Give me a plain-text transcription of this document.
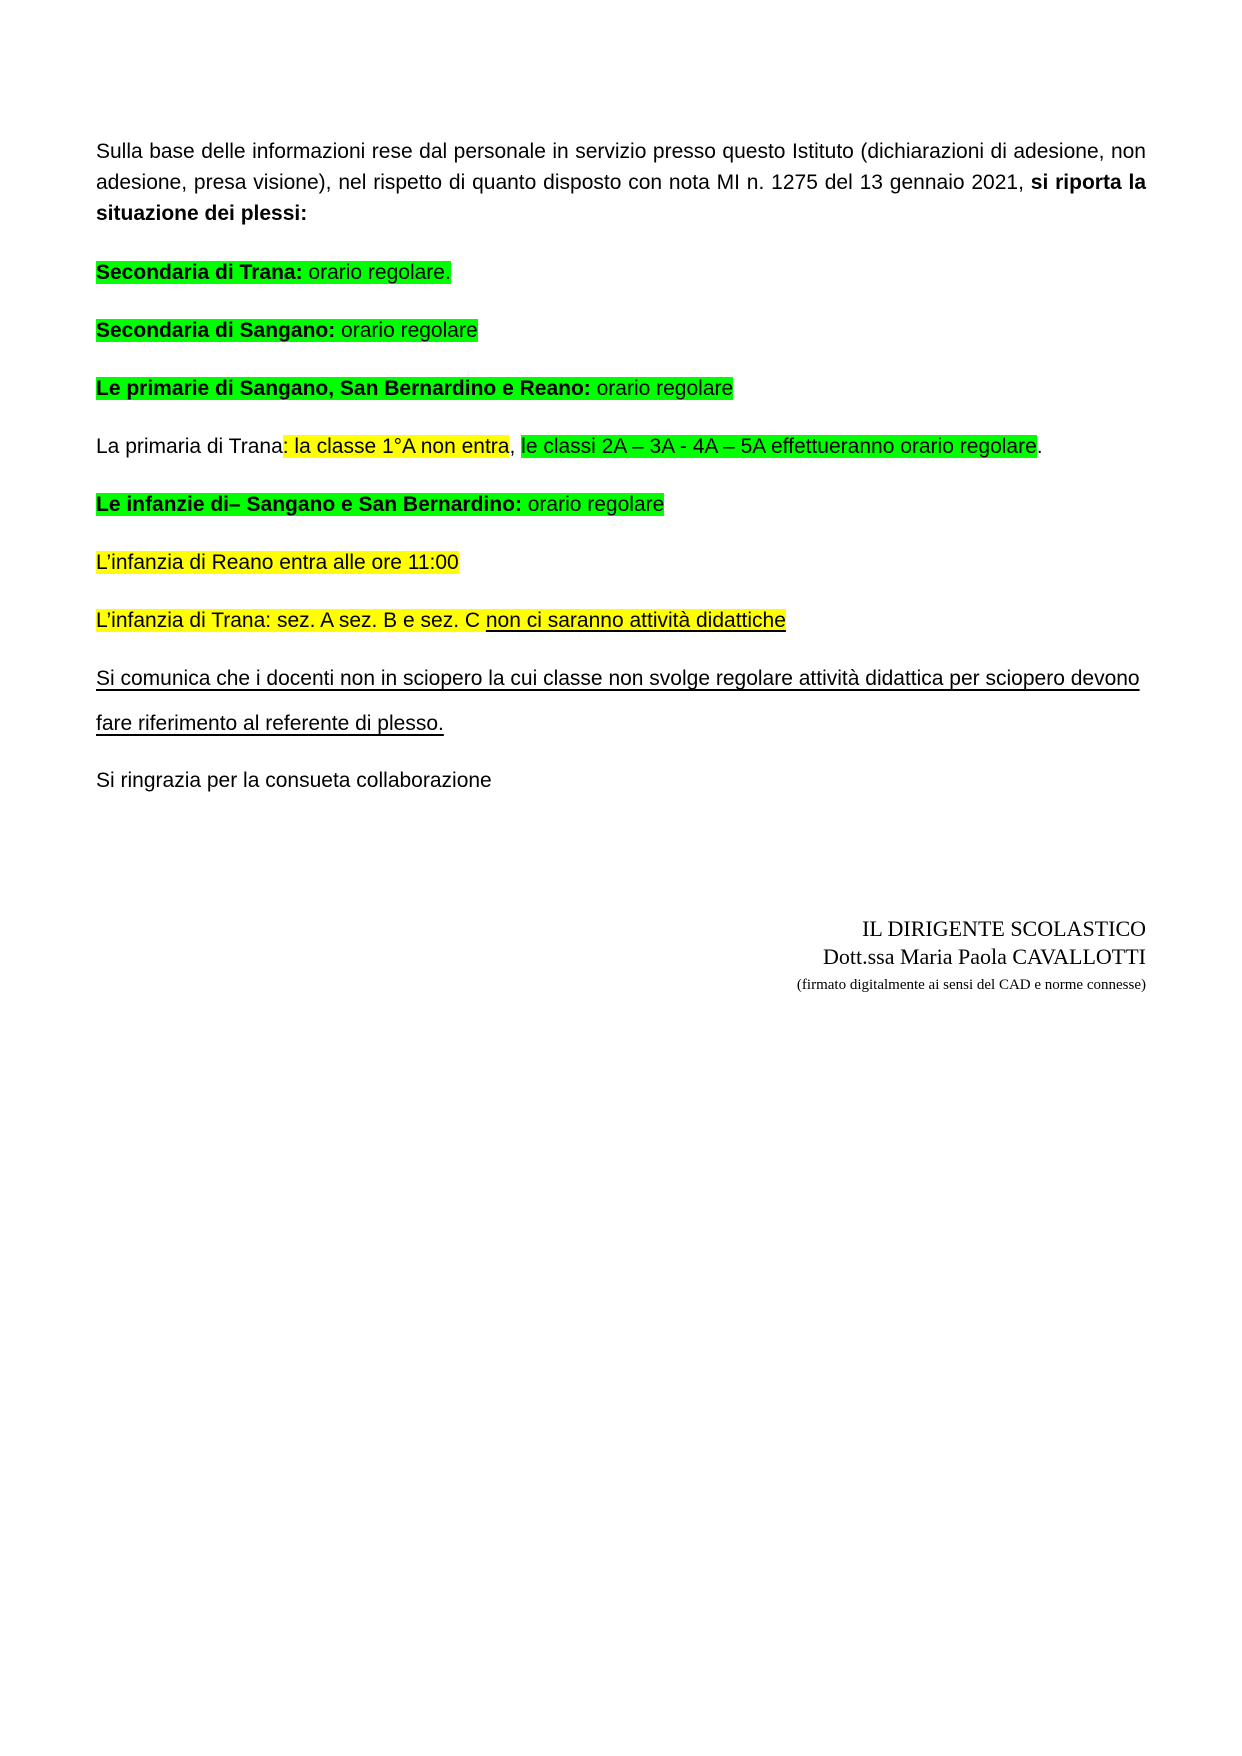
Sulla base delle informazioni rese dal personale in servizio presso questo Istituto (dichiarazioni di adesione, non adesione, presa visione), nel rispetto di quanto disposto con nota MI n. 1275 del 13 gennaio 2021, si riporta la situazione dei plessi:

Secondaria di Trana: orario regolare.
Secondaria di Sangano: orario regolare
Le primarie di Sangano, San Bernardino e Reano: orario regolare
La primaria di Trana: la classe 1°A non entra, le classi 2A – 3A - 4A – 5A effettueranno orario regolare.
Le infanzie di– Sangano e San Bernardino: orario regolare
L’infanzia di Reano entra alle ore 11:00
L’infanzia di Trana: sez. A sez. B e sez. C non ci saranno attività didattiche

Si comunica che i docenti non in sciopero la cui classe non svolge regolare attività didattica per sciopero devono fare riferimento al referente di plesso.

Si ringrazia per la consueta collaborazione
IL DIRIGENTE SCOLASTICO
Dott.ssa Maria Paola CAVALLOTTI
(firmato digitalmente ai sensi del CAD e norme connesse)
